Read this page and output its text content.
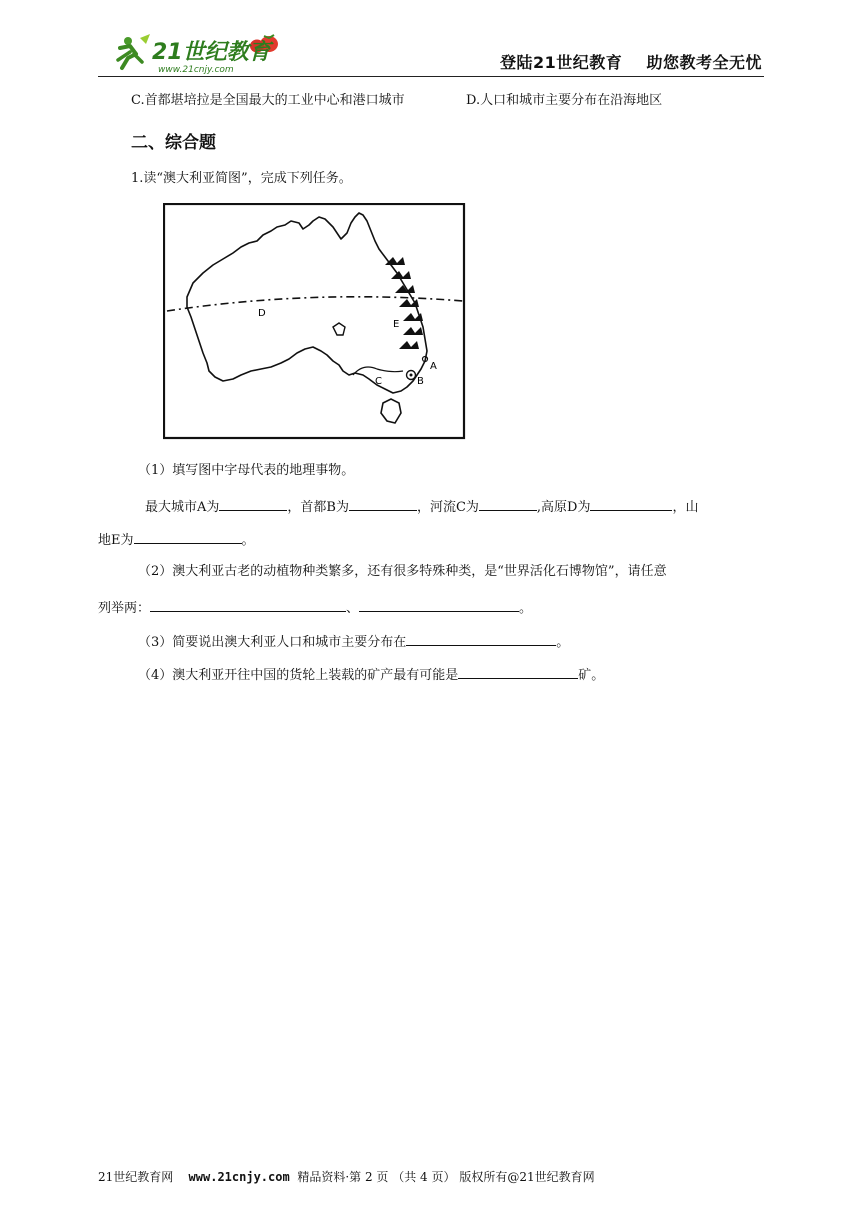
21世纪教育
www.21cnjy.com	登陆21世纪教育    助您教考全无忧
C.首都堪培拉是全国最大的工业中心和港口城市	D.人口和城市主要分布在沿海地区
二、综合题
1.读“澳大利亚简图”，完成下列任务。
D
E
A
B
C
（1）填写图中字母代表的地理事物。
最大城市A为	，首都B为	，河流C为	,高原D为	，山
地E为	。
（2）澳大利亚古老的动植物种类繁多，还有很多特殊种类，是“世界活化石博物馆”，请任意
列举两：	、	。
（3）简要说出澳大利亚人口和城市主要分布在	。
（4）澳大利亚开往中国的货轮上装载的矿产最有可能是	矿。
21世纪教育网 www.21cnjy.com 精品资料·第 2 页 （共 4 页） 版权所有@21世纪教育网
